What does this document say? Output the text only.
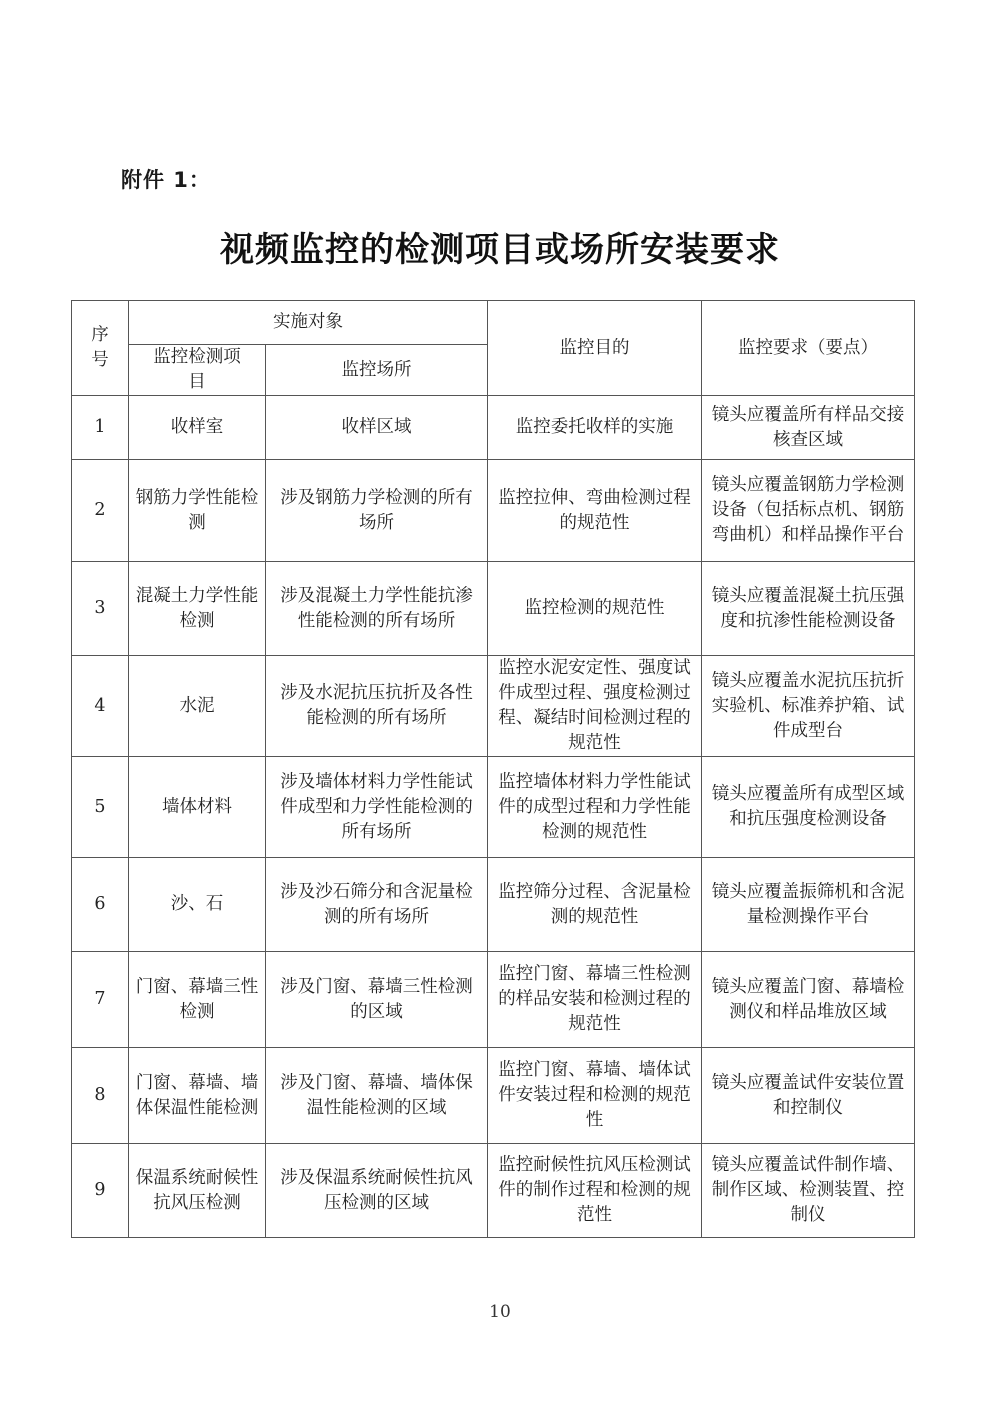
附件 1：
视频监控的检测项目或场所安装要求
序号	实施对象		监控目的	监控要求（要点）
	监控检测项目	监控场所		
1	收样室	收样区域	监控委托收样的实施	镜头应覆盖所有样品交接核查区域
2	钢筋力学性能检测	涉及钢筋力学检测的所有场所	监控拉伸、弯曲检测过程的规范性	镜头应覆盖钢筋力学检测设备（包括标点机、钢筋弯曲机）和样品操作平台
3	混凝土力学性能检测	涉及混凝土力学性能抗渗性能检测的所有场所	监控检测的规范性	镜头应覆盖混凝土抗压强度和抗渗性能检测设备
4	水泥	涉及水泥抗压抗折及各性能检测的所有场所	监控水泥安定性、强度试件成型过程、强度检测过程、凝结时间检测过程的规范性	镜头应覆盖水泥抗压抗折实验机、标准养护箱、试件成型台
5	墙体材料	涉及墙体材料力学性能试件成型和力学性能检测的所有场所	监控墙体材料力学性能试件的成型过程和力学性能检测的规范性	镜头应覆盖所有成型区域和抗压强度检测设备
6	沙、石	涉及沙石筛分和含泥量检测的所有场所	监控筛分过程、含泥量检测的规范性	镜头应覆盖振筛机和含泥量检测操作平台
7	门窗、幕墙三性检测	涉及门窗、幕墙三性检测的区域	监控门窗、幕墙三性检测的样品安装和检测过程的规范性	镜头应覆盖门窗、幕墙检测仪和样品堆放区域
8	门窗、幕墙、墙体保温性能检测	涉及门窗、幕墙、墙体保温性能检测的区域	监控门窗、幕墙、墙体试件安装过程和检测的规范性	镜头应覆盖试件安装位置和控制仪
9	保温系统耐候性抗风压检测	涉及保温系统耐候性抗风压检测的区域	监控耐候性抗风压检测试件的制作过程和检测的规范性	镜头应覆盖试件制作墙、制作区域、检测装置、控制仪
10
